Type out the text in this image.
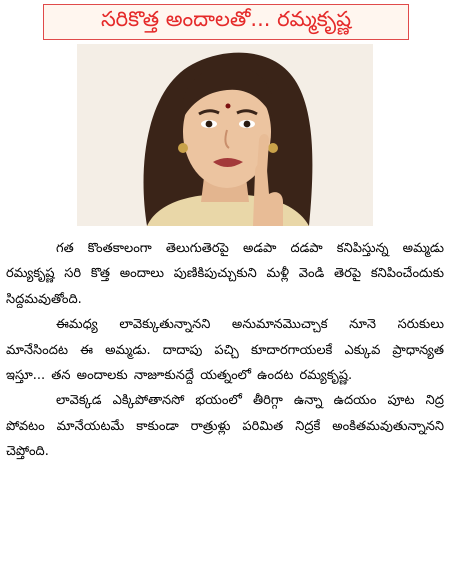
సరికొత్త అందాలతో... రమ్మకృష్ణ

గత కొంతకాలంగా తెలుగుతెరపై అడపా దడపా కనిపిస్తున్న అమ్మడు రమ్యకృష్ణ సరి కొత్త అందాలు పుణికిపుచ్చుకుని మళ్లీ వెండి తెరపై కనిపించేందుకు సిద్దమవుతోంది.

ఈమధ్య లావెక్కుతున్నానని అనుమానమొచ్చాక నూనె సరుకులు మానేసిందట ఈ అమ్మడు. దాదాపు పచ్చి కూదారగాయలకే ఎక్కువ ప్రాధాన్యత ఇస్తూ... తన అందాలకు నాజూకునద్దే యత్నంలో ఉందట రమ్యకృష్ణ.

లావెక్కడ ఎక్కిపోతానసో భయంలో తీరిగ్గా ఉన్నా ఉదయం పూట నిద్ర పోవటం మానేయటమే కాకుండా రాత్రుళ్లు పరిమిత నిద్రకే అంకితమవుతున్నానని చెప్తోంది.
